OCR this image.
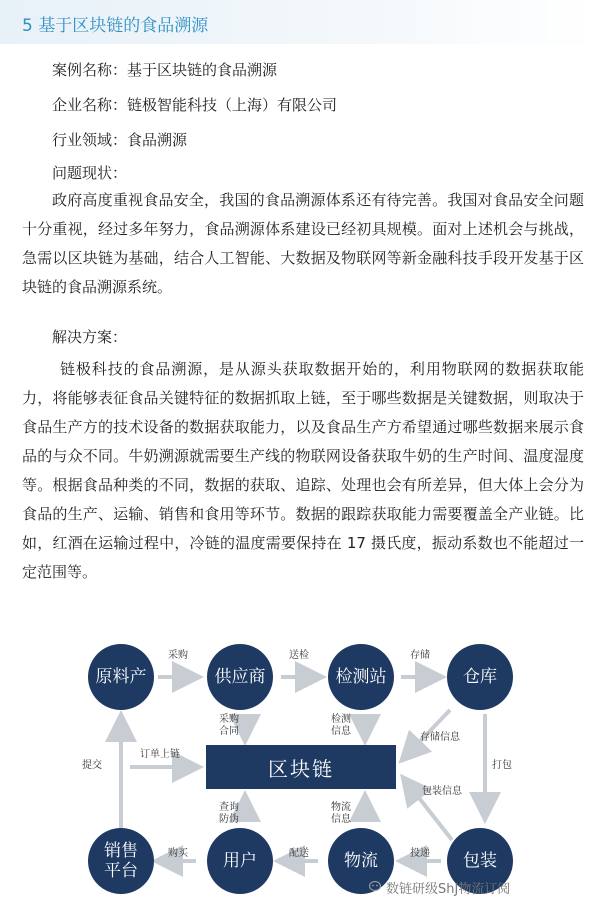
5 基于区块链的食品溯源
案例名称：基于区块链的食品溯源
企业名称：链极智能科技（上海）有限公司
行业领域：食品溯源
问题现状：

政府高度重视食品安全，我国的食品溯源体系还有待完善。我国对食品安全问题十分重视，经过多年努力，食品溯源体系建设已经初具规模。面对上述机会与挑战，急需以区块链为基础，结合人工智能、大数据及物联网等新金融科技手段开发基于区块链的食品溯源系统。

解决方案：

链极科技的食品溯源，是从源头获取数据开始的，利用物联网的数据获取能力，将能够表征食品关键特征的数据抓取上链，至于哪些数据是关键数据，则取决于食品生产方的技术设备的数据获取能力，以及食品生产方希望通过哪些数据来展示食品的与众不同。牛奶溯源就需要生产线的物联网设备获取牛奶的生产时间、温度湿度等。根据食品种类的不同，数据的获取、追踪、处理也会有所差异，但大体上会分为食品的生产、运输、销售和食用等环节。数据的跟踪获取能力需要覆盖全产业链。比如，红酒在运输过程中，冷链的温度需要保持在 17 摄氏度，振动系数也不能超过一定范围等。

原料产	供应商	检测站	仓库
区块链
销售平台	用户	物流	包装
采购	送检	存储
采购合同
检测信息
存储信息
打包
包装信息
订单上链
提交
查询防伪
物流信息
购买	配送	投递
数链研级ShJ物流订阅
